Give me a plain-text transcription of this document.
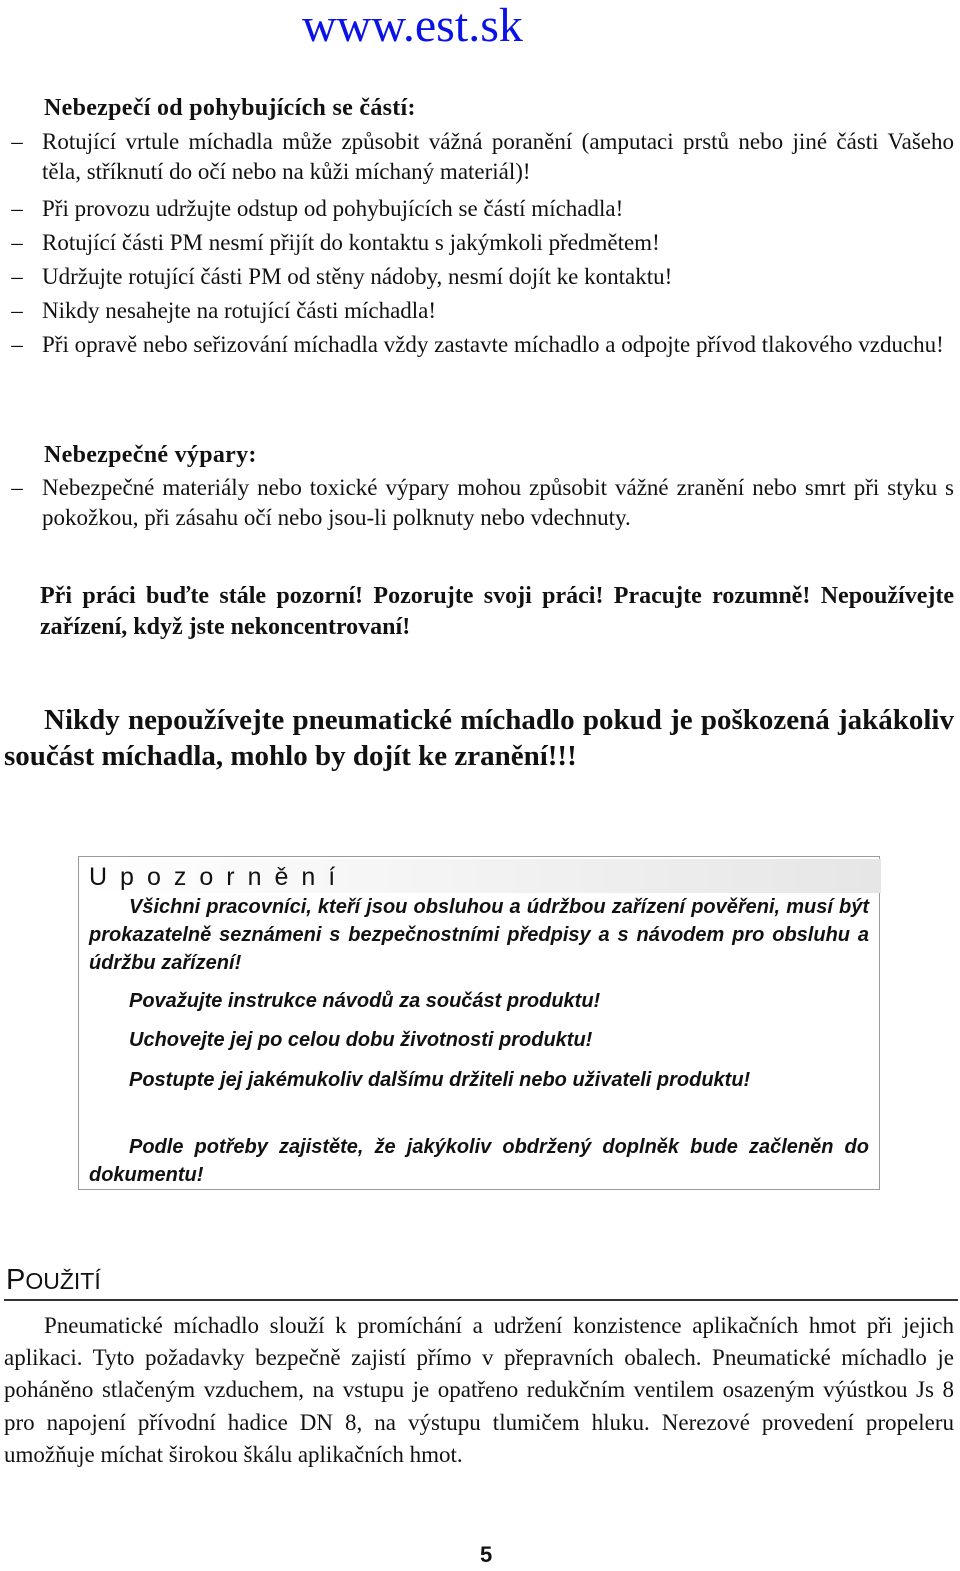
www.est.sk
Nebezpečí od pohybujících se částí:
– Rotující vrtule míchadla může způsobit vážná poranění (amputaci prstů nebo jiné části Vašeho těla, stříknutí do očí nebo na kůži míchaný materiál)!
– Při provozu udržujte odstup od pohybujících se částí míchadla!
– Rotující části PM nesmí přijít do kontaktu s jakýmkoli předmětem!
– Udržujte rotující části PM od stěny nádoby, nesmí dojít ke kontaktu!
– Nikdy nesahejte na rotující části míchadla!
– Při opravě nebo seřizování míchadla vždy zastavte míchadlo a odpojte přívod tlakového vzduchu!
Nebezpečné výpary:
– Nebezpečné materiály nebo toxické výpary mohou způsobit vážné zranění nebo smrt při styku s pokožkou, při zásahu očí nebo jsou-li polknuty nebo vdechnuty.
Při práci buďte stále pozorní! Pozorujte svoji práci! Pracujte rozumně! Nepoužívejte zařízení, když jste nekoncentrovaní!
Nikdy nepoužívejte pneumatické míchadlo pokud je poškozená jakákoliv součást míchadla, mohlo by dojít ke zranění!!!
Upozornění
Všichni pracovníci, kteří jsou obsluhou a údržbou zařízení pověřeni, musí být prokazatelně seznámeni s bezpečnostními předpisy a s návodem pro obsluhu a údržbu zařízení!
Považujte instrukce návodů za součást produktu!
Uchovejte jej po celou dobu životnosti produktu!
Postupte jej jakémukoliv dalšímu držiteli nebo uživateli produktu!
Podle potřeby zajistěte, že jakýkoliv obdržený doplněk bude začleněn do dokumentu!
POUŽITÍ
Pneumatické míchadlo slouží k promíchání a udržení konzistence aplikačních hmot při jejich aplikaci. Tyto požadavky bezpečně zajistí přímo v přepravních obalech. Pneumatické míchadlo je poháněno stlačeným vzduchem, na vstupu je opatřeno redukčním ventilem osazeným výústkou Js 8 pro napojení přívodní hadice DN 8, na výstupu tlumičem hluku. Nerezové provedení propeleru umožňuje míchat širokou škálu aplikačních hmot.
5
